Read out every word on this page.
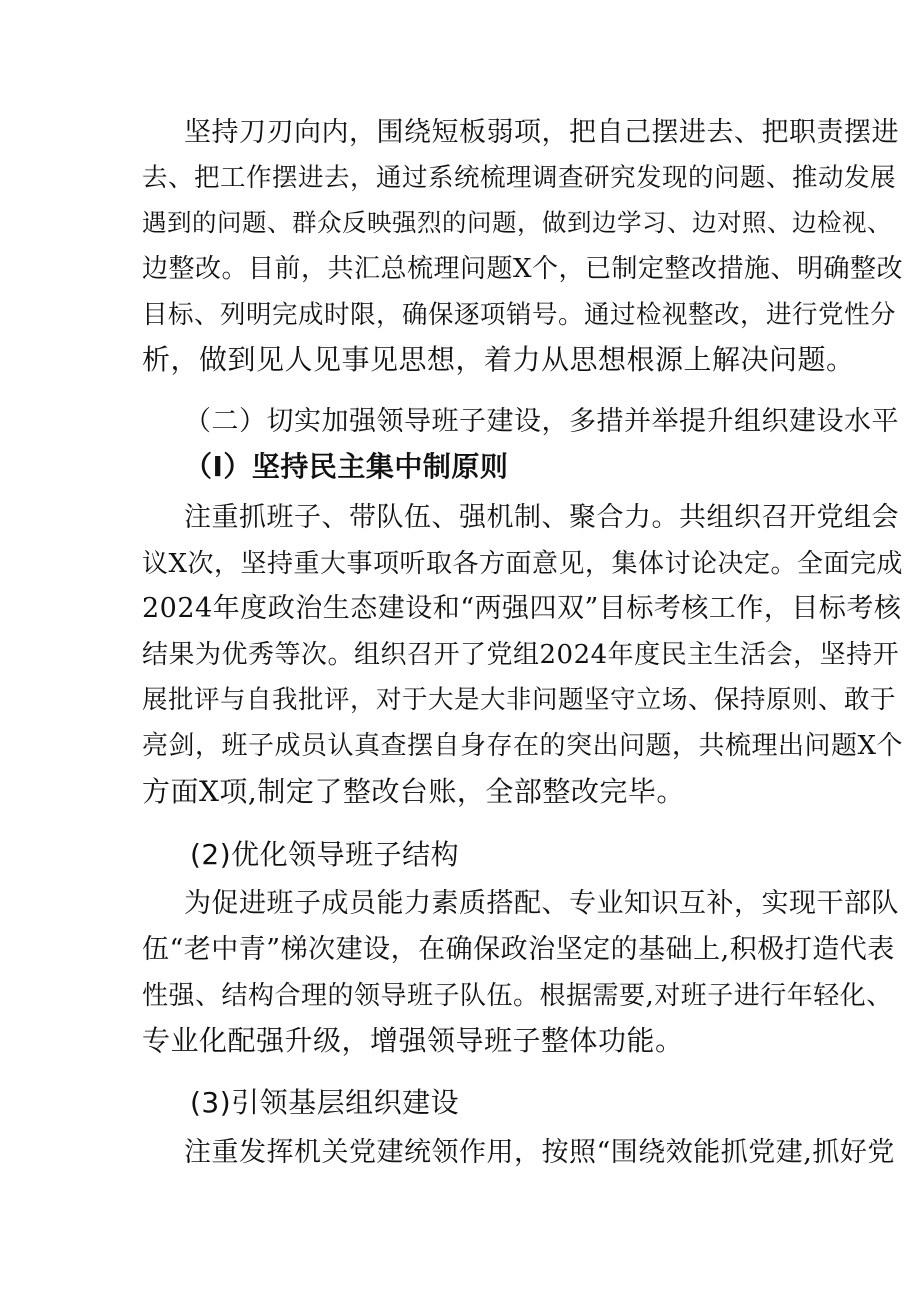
坚持刀刃向内，围绕短板弱项，把自己摆进去、把职责摆进
去、把工作摆进去，通过系统梳理调查研究发现的问题、推动发展
遇到的问题、群众反映强烈的问题，做到边学习、边对照、边检视、
边整改。目前，共汇总梳理问题X个，已制定整改措施、明确整改
目标、列明完成时限，确保逐项销号。通过检视整改，进行党性分
析，做到见人见事见思想，着力从思想根源上解决问题。
（二）切实加强领导班子建设，多措并举提升组织建设水平
（I）坚持民主集中制原则
注重抓班子、带队伍、强机制、聚合力。共组织召开党组会
议X次，坚持重大事项听取各方面意见，集体讨论决定。全面完成
2024年度政治生态建设和“两强四双”目标考核工作，目标考核
结果为优秀等次。组织召开了党组2024年度民主生活会，坚持开
展批评与自我批评，对于大是大非问题坚守立场、保持原则、敢于
亮剑，班子成员认真查摆自身存在的突出问题，共梳理出问题X个
方面X项,制定了整改台账，全部整改完毕。
(2)优化领导班子结构
为促进班子成员能力素质搭配、专业知识互补，实现干部队
伍“老中青”梯次建设，在确保政治坚定的基础上,积极打造代表
性强、结构合理的领导班子队伍。根据需要,对班子进行年轻化、
专业化配强升级，增强领导班子整体功能。
(3)引领基层组织建设
注重发挥机关党建统领作用，按照“围绕效能抓党建,抓好党
